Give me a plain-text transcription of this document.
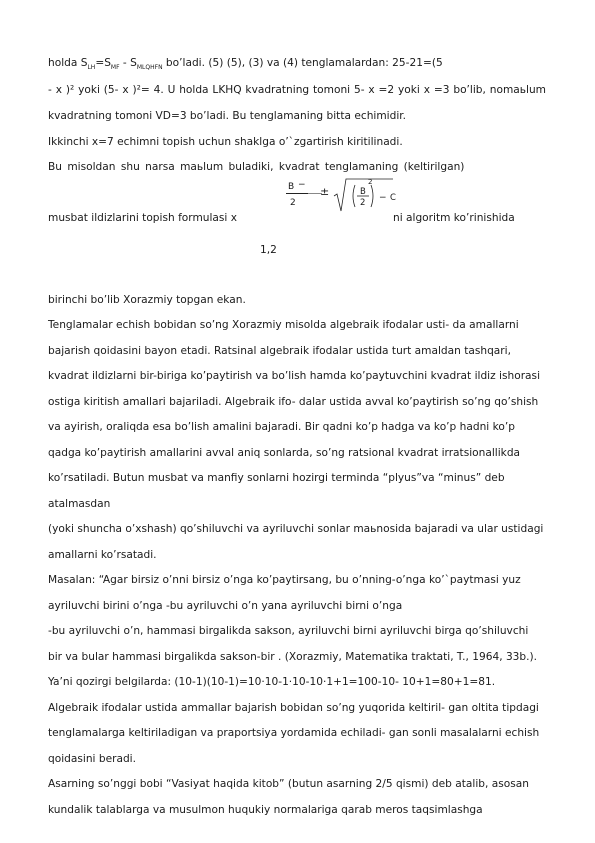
holda $S_{LH}=S_{MF} - S_{MLQHFN}$ bo’ladi. (5) (5), (3) va (4) tenglamalardan: 25-21=(5
- x )² yoki (5- x )²= 4. U holda LKHQ kvadratning tomoni 5- x =2 yoki x =3 bo’lib, nomaьlum
kvadratning tomoni VD=3 bo’ladi. Bu tenglamaning bitta echimidir.
Ikkinchi x=7 echimni topish uchun shaklga o’`zgartirish kiritilinadi.
Bu misoldan shu narsa maьlum buladiki, kvadrat tenglamaning (keltirilgan)
musbat ildizlarini topish formulasi x
B −
2
±	B
2
2
− C
ni algoritm ko’rinishida
1,2
birinchi bo’lib Xorazmiy topgan ekan.
Tenglamalar echish bobidan so’ng Xorazmiy misolda algebraik ifodalar usti- da amallarni
bajarish qoidasini bayon etadi. Ratsinal algebraik ifodalar ustida turt amaldan tashqari,
kvadrat ildizlarni bir-biriga ko’paytirish va bo’lish hamda ko’paytuvchini kvadrat ildiz ishorasi
ostiga kiritish amallari bajariladi. Algebraik ifo- dalar ustida avval ko’paytirish so’ng qo’shish
va ayirish, oraliqda esa bo’lish amalini bajaradi. Bir qadni ko’p hadga va ko’p hadni ko’p
qadga ko’paytirish amallarini avval aniq sonlarda, so’ng ratsional kvadrat irratsionallikda
ko’rsatiladi. Butun musbat va manfiy sonlarni hozirgi terminda “plyus”va “minus” deb
atalmasdan
(yoki shuncha o’xshash) qo’shiluvchi va ayriluvchi sonlar maьnosida bajaradi va ular ustidagi
amallarni ko’rsatadi.
Masalan: “Agar birsiz o’nni birsiz o’nga ko’paytirsang, bu o’nning-o’nga ko’`paytmasi yuz
ayriluvchi birini o’nga -bu ayriluvchi o’n yana ayriluvchi birni o’nga
-bu ayriluvchi o’n, hammasi birgalikda sakson, ayriluvchi birni ayriluvchi birga qo’shiluvchi
bir va bular hammasi birgalikda sakson-bir . (Xorazmiy, Matematika traktati, T., 1964, 33b.).
Ya’ni qozirgi belgilarda: (10-1)(10-1)=10·10-1·10-10·1+1=100-10- 10+1=80+1=81.
Algebraik ifodalar ustida ammallar bajarish bobidan so’ng yuqorida keltiril- gan oltita tipdagi
tenglamalarga keltiriladigan va praportsiya yordamida echiladi- gan sonli masalalarni echish
qoidasini beradi.
Asarning so’nggi bobi “Vasiyat haqida kitob” (butun asarning 2/5 qismi) deb atalib, asosan
kundalik talablarga va musulmon huqukiy normalariga qarab meros taqsimlashga
